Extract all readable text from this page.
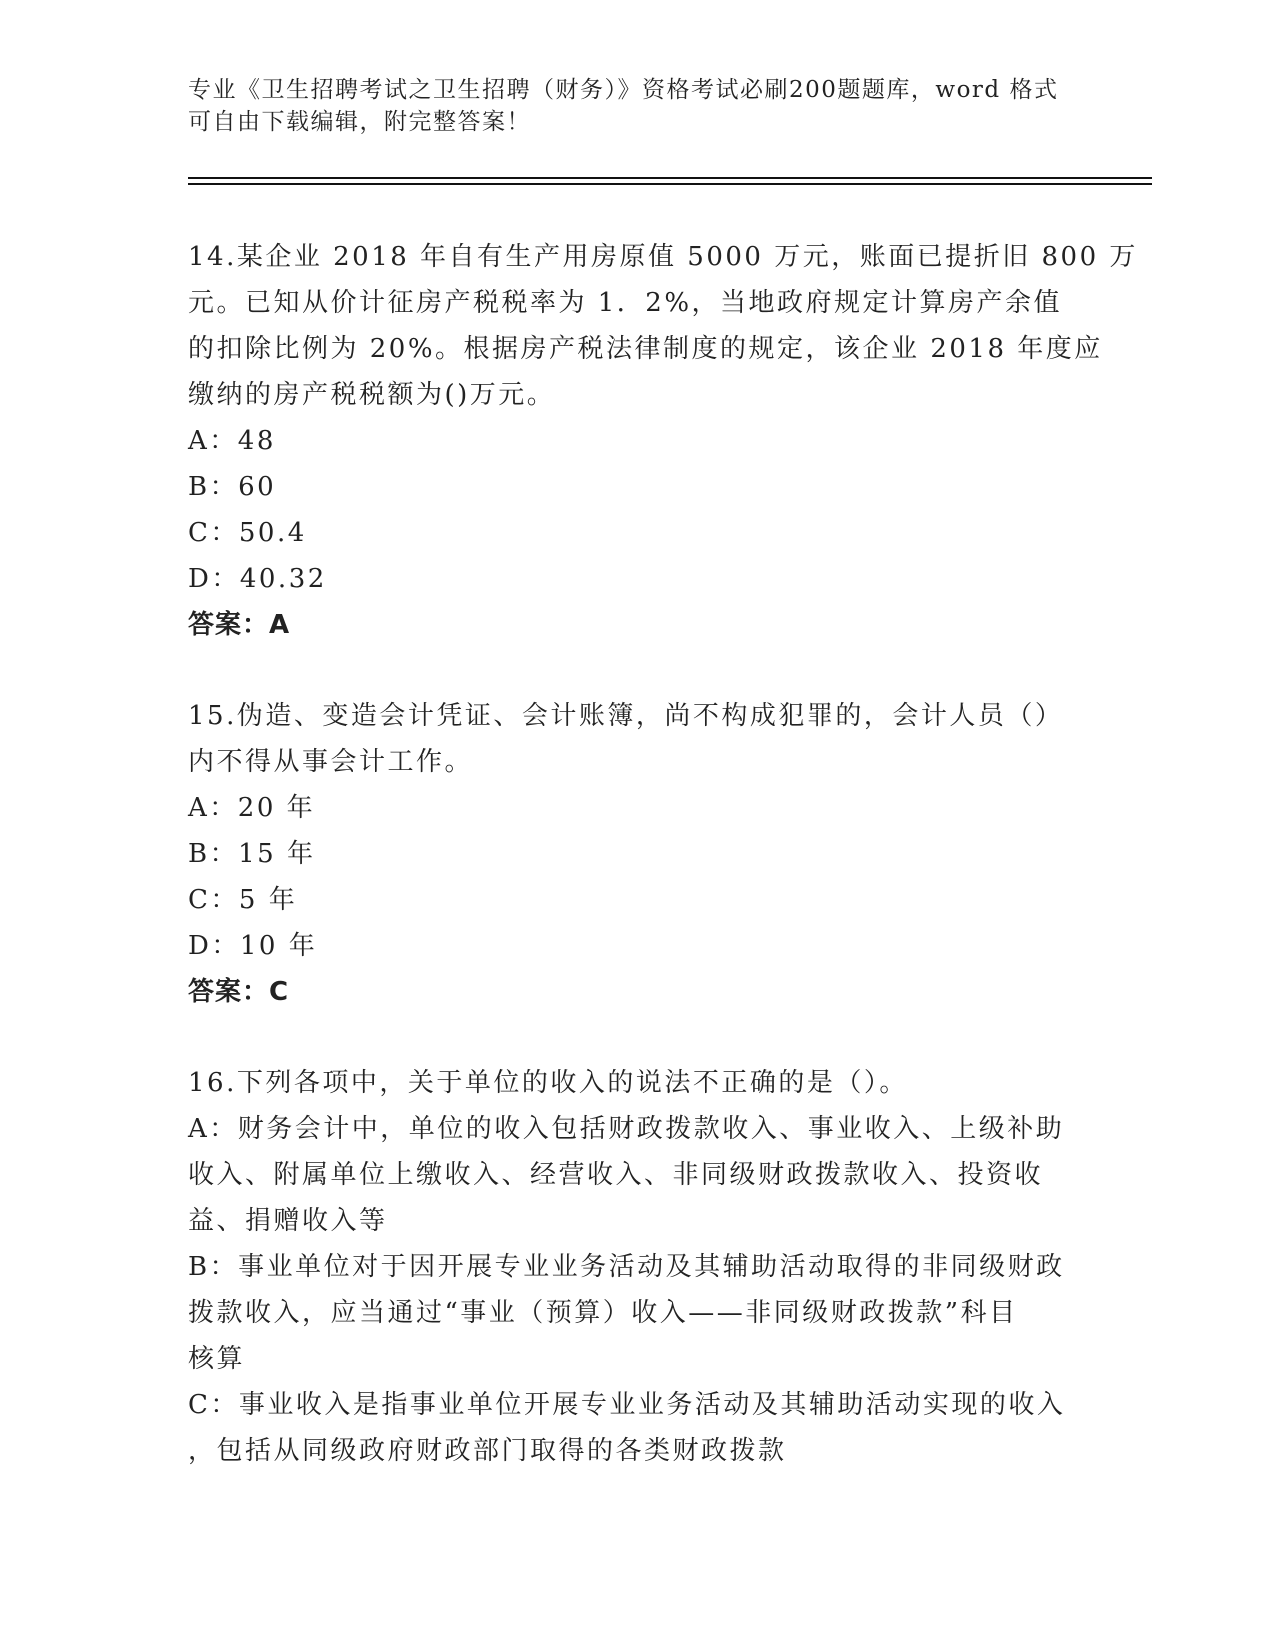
专业《卫生招聘考试之卫生招聘（财务）》资格考试必刷200题题库，word 格式
可自由下载编辑，附完整答案！
14.某企业 2018 年自有生产用房原值 5000 万元，账面已提折旧 800 万
元。已知从价计征房产税税率为 1．2%，当地政府规定计算房产余值
的扣除比例为 20%。根据房产税法律制度的规定，该企业 2018 年度应
缴纳的房产税税额为()万元。
A：48
B：60
C：50.4
D：40.32
答案：A
15.伪造、变造会计凭证、会计账簿，尚不构成犯罪的，会计人员（）
内不得从事会计工作。
A：20 年
B：15 年
C：5 年
D：10 年
答案：C
16.下列各项中，关于单位的收入的说法不正确的是（）。
A：财务会计中，单位的收入包括财政拨款收入、事业收入、上级补助
收入、附属单位上缴收入、经营收入、非同级财政拨款收入、投资收
益、捐赠收入等
B：事业单位对于因开展专业业务活动及其辅助活动取得的非同级财政
拨款收入，应当通过“事业（预算）收入——非同级财政拨款”科目
核算
C：事业收入是指事业单位开展专业业务活动及其辅助活动实现的收入
，包括从同级政府财政部门取得的各类财政拨款
